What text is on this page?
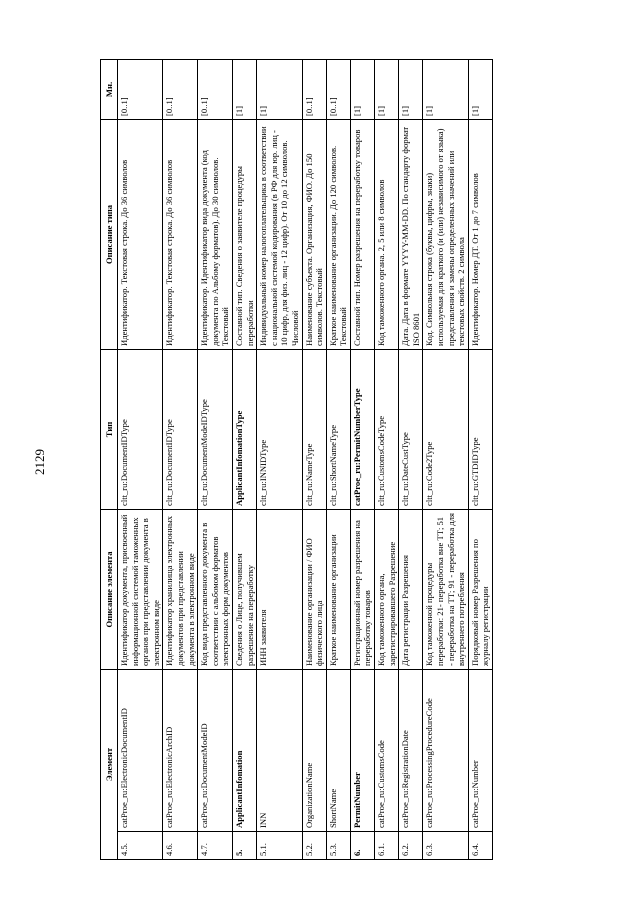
2129
Элемент		Описание элемента	Тип	Описание типа	Мн.
4.5.	catProe_ru:ElectronicDocumentID	Идентификатор документа, присвоенный информационной системой таможенных органов при представлении документа в электронном виде	cltt_ru:DocumentIDType	Идентификатор. Текстовая строка. До 36 символов	[0..1]
4.6.	catProe_ru:ElectronicArchID	Идентификатор хранилища электронных документов при представлении документа в электронном виде	cltt_ru:DocumentIDType	Идентификатор. Текстовая строка. До 36 символов	[0..1]
4.7.	catProe_ru:DocumentModeID	Код вида представленного документа в соответствии с альбомом форматов электронных форм документов	cltt_ru:DocumentModeIDType	Идентификатор. Идентификатор вида документа (код документа по Альбому форматов). До 30 символов. Текстовый	[0..1]
5.	ApplicantInfomation	Сведения о Лице, получившем разрешение на переработку	ApplicantInfomationType	Составной тип. Сведения о заявителе процедуры переработки	[1]
5.1.	INN	ИНН заявителя	cltt_ru:INNIDType	Индивидуальный номер налогоплательщика в соответствии с национальной системой кодирования (в РФ для юр. лиц - 10 цифр, для физ. лиц - 12 цифр). От 10 до 12 символов. Числовой	[1]
5.2.	OrganizationName	Наименование организации / ФИО физического лица	cltt_ru:NameType	Наименование субъекта. Организация, ФИО. До 150 символов. Текстовый	[0..1]
5.3.	ShortName	Краткое наименование организации	cltt_ru:ShortNameType	Краткое наименование организации. До 120 символов. Текстовый	[0..1]
6.	PermitNumber	Регистрационный номер разрешения на переработку товаров	catProe_ru:PermitNumberType	Составной тип. Номер разрешения на переработку товаров	[1]
6.1.	catProe_ru:CustomsCode	Код таможенного органа, зарегистрировавшего Разрешение	cltt_ru:CustomsCodeType	Код таможенного органа. 2, 5 или 8 символов	[1]
6.2.	catProe_ru:RegistrationDate	Дата регистрации Разрешения	cltt_ru:DateCustType	Дата. Дата в формате YYYY-MM-DD. По стандарту формат ISO 8601	[1]
6.3.	catProe_ru:ProcessingProcedureCode	Код таможенной процедуры переработки: 21- переработка вне ТТ; 51 - переработка на ТТ; 91 - переработка для внутреннего потребления	cltt_ru:Code2Type	Код. Символьная строка (буквы, цифры, знаки) используемая для краткого (и (или) независимого от языка) представления и замены определенных значений или текстовых свойств. 2 символа	[1]
6.4.	catProe_ru:Number	Порядковый номер Разрешения по журналу регистрации	cltt_ru:GTDIDType	Идентификатор. Номер ДТ. От 1 до 7 символов	[1]
